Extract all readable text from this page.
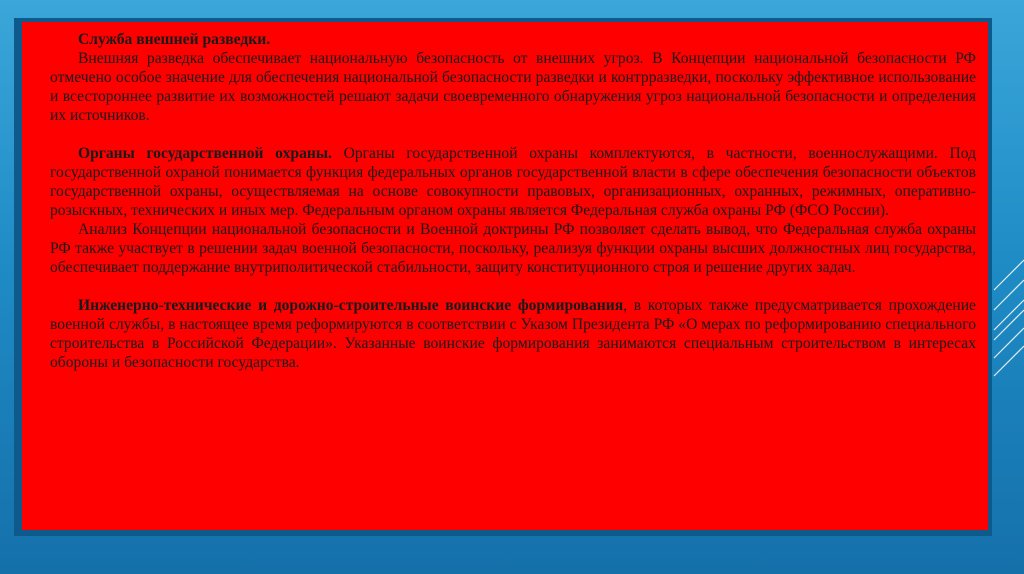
Служба внешней разведки.

Внешняя разведка обеспечивает национальную безопасность от внешних угроз. В Концепции национальной безопасности РФ отмечено особое значение для обеспечения национальной безопасности разведки и контрразведки, поскольку эффективное использование и всестороннее развитие их возможностей решают задачи своевременного обнаружения угроз национальной безопасности и определения их источников.

Органы государственной охраны. Органы государственной охраны комплектуются, в частности, военнослужащими. Под государственной охраной понимается функция федеральных органов государственной власти в сфере обеспечения безопасности объектов государственной охраны, осуществляемая на основе совокупности правовых, организационных, охранных, режимных, оперативно-розыскных, технических и иных мер. Федеральным органом охраны является Федеральная служба охраны РФ (ФСО России).

Анализ Концепции национальной безопасности и Военной доктрины РФ позволяет сделать вывод, что Федеральная служба охраны РФ также участвует в решении задач военной безопасности, поскольку, реализуя функции охраны высших должностных лиц государства, обеспечивает поддержание внутриполитической стабильности, защиту конституционного строя и решение других задач.

Инженерно-технические и дорожно-строительные воинские формирования, в которых также предусматривается прохождение военной службы, в настоящее время реформируются в соответствии с Указом Президента РФ «О мерах по реформированию специального строительства в Российской Федерации». Указанные воинские формирования занимаются специальным строительством в интересах обороны и безопасности государства.
